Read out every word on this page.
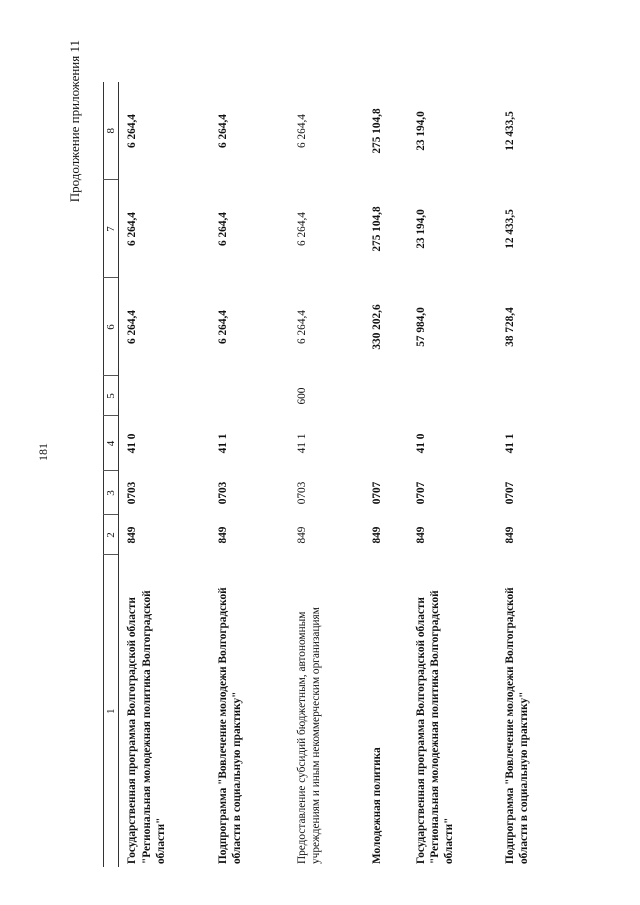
181
Продолжение приложения 11
1	2	3	4	5	6	7	8
Государственная программа Волгоградской области "Региональная молодежная политика Волгоградской области"	849	0703	41 0		6 264,4	6 264,4	6 264,4
Подпрограмма "Вовлечение молодежи Волгоградской области в социальную практику"	849	0703	41 1		6 264,4	6 264,4	6 264,4
Предоставление субсидий бюджетным, автономным учреждениям и иным некоммерческим организациям	849	0703	41 1	600	6 264,4	6 264,4	6 264,4
Молодежная политика	849	0707			330 202,6	275 104,8	275 104,8
Государственная программа Волгоградской области "Региональная молодежная политика Волгоградской области"	849	0707	41 0		57 984,0	23 194,0	23 194,0
Подпрограмма "Вовлечение молодежи Волгоградской области в социальную практику"	849	0707	41 1		38 728,4	12 433,5	12 433,5
